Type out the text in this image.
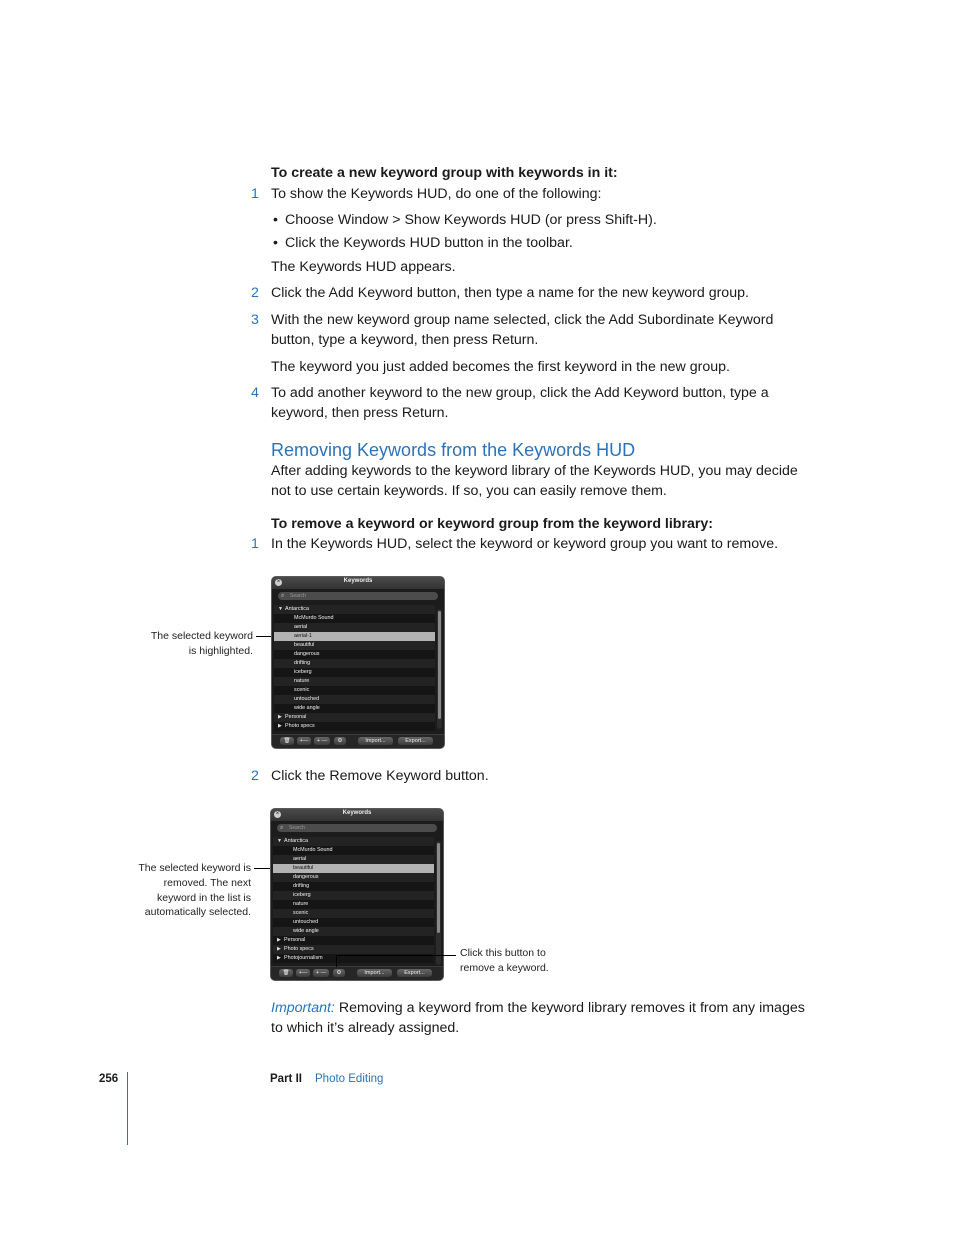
To create a new keyword group with keywords in it:
1 To show the Keywords HUD, do one of the following:
• Choose Window > Show Keywords HUD (or press Shift-H).
• Click the Keywords HUD button in the toolbar.
The Keywords HUD appears.
2 Click the Add Keyword button, then type a name for the new keyword group.
3 With the new keyword group name selected, click the Add Subordinate Keyword
button, type a keyword, then press Return.
The keyword you just added becomes the first keyword in the new group.
4 To add another keyword to the new group, click the Add Keyword button, type a
keyword, then press Return.
Removing Keywords from the Keywords HUD
After adding keywords to the keyword library of the Keywords HUD, you may decide
not to use certain keywords. If so, you can easily remove them.
To remove a keyword or keyword group from the keyword library:
1 In the Keywords HUD, select the keyword or keyword group you want to remove.
The selected keyword
is highlighted.
×	Keywords
⌕ Search
▼ Antarctica
McMurdo Sound
aerial
aerial-1
beautiful
dangerous
drifting
iceberg
nature
scenic
untouched
wide angle
▶ Personal
▶ Photo specs
🗑	+—	+ —	⚙	Import...	Export...
2 Click the Remove Keyword button.
The selected keyword is
removed. The next
keyword in the list is
automatically selected.
×	Keywords
⌕ Search
▼ Antarctica
McMurdo Sound
aerial
beautiful
dangerous
drifting
iceberg
nature
scenic
untouched
wide angle
▶ Personal
▶ Photo specs
▶ Photojournalism
🗑	+—	+ —	⚙	Import...	Export...
Click this button to
remove a keyword.
Important: Removing a keyword from the keyword library removes it from any images
to which it’s already assigned.
256	Part II Photo Editing
